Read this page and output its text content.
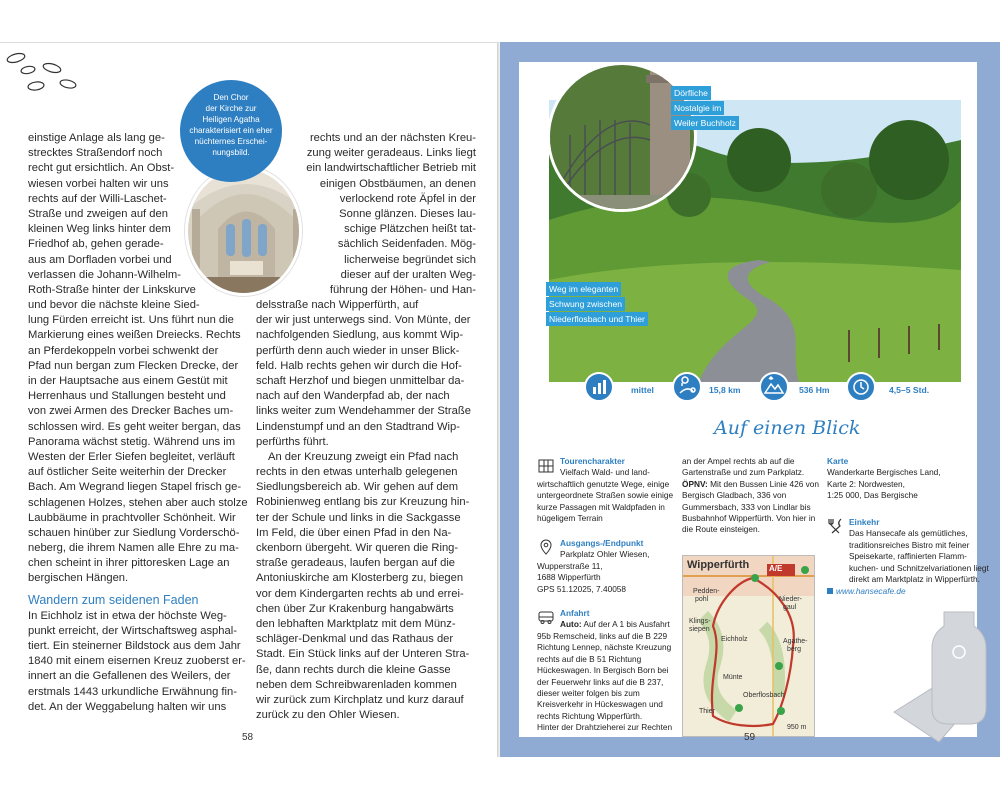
einstige Anlage als lang ge-
strecktes Straßendorf noch
recht gut ersichtlich. An Obst-
wiesen vorbei halten wir uns
rechts auf der Willi-Laschet-
Straße und zweigen auf den
kleinen Weg links hinter dem
Friedhof ab, gehen gerade-
aus am Dorfladen vorbei und
verlassen die Johann-Wilhelm-
Roth-Straße hinter der Linkskurve
und bevor die nächste kleine Sied-
lung Fürden erreicht ist. Uns führt nun die
Markierung eines weißen Dreiecks. Rechts
an Pferdekoppeln vorbei schwenkt der
Pfad nun bergan zum Flecken Drecke, der
in der Hauptsache aus einem Gestüt mit
Herrenhaus und Stallungen besteht und
von zwei Armen des Drecker Baches um-
schlossen wird. Es geht weiter bergan, das
Panorama wächst stetig. Während uns im
Westen der Erler Siefen begleitet, verläuft
auf östlicher Seite weiterhin der Drecker
Bach. Am Wegrand liegen Stapel frisch ge-
schlagenen Holzes, stehen aber auch stolze
Laubbäume in prachtvoller Schönheit. Wir
schauen hinüber zur Siedlung Vorderschö-
neberg, die ihrem Namen alle Ehre zu ma-
chen scheint in ihrer pittoresken Lage an
bergischen Hängen.
Wandern zum seidenen Faden
In Eichholz ist in etwa der höchste Weg-
punkt erreicht, der Wirtschaftsweg asphal-
tiert. Ein steinerner Bildstock aus dem Jahr
1840 mit einem eisernen Kreuz zuoberst er-
innert an die Gefallenen des Weilers, der
erstmals 1443 urkundliche Erwähnung fin-
det. An der Weggabelung halten wir uns
rechts und an der nächsten Kreu-
zung weiter geradeaus. Links liegt
ein landwirtschaftlicher Betrieb mit
einigen Obstbäumen, an denen
verlockend rote Äpfel in der
Sonne glänzen. Dieses lau-
schige Plätzchen heißt tat-
sächlich Seidenfaden. Mög-
licherweise begründet sich
dieser auf der uralten Weg-
führung der Höhen- und Han-
delsstraße nach Wipperfürth, auf
der wir just unterwegs sind. Von Münte, der
nachfolgenden Siedlung, aus kommt Wip-
perfürth denn auch wieder in unser Blick-
feld. Halb rechts gehen wir durch die Hof-
schaft Herzhof und biegen unmittelbar da-
nach auf den Wanderpfad ab, der nach
links weiter zum Wendehammer der Straße
Lindenstumpf und an den Stadtrand Wip-
perfürths führt.
An der Kreuzung zweigt ein Pfad nach
rechts in den etwas unterhalb gelegenen
Siedlungsbereich ab. Wir gehen auf dem
Robinienweg entlang bis zur Kreuzung hin-
ter der Schule und links in die Sackgasse
Im Feld, die über einen Pfad in den Na-
ckenborn übergeht. Wir queren die Ring-
straße geradeaus, laufen bergan auf die
Antoniuskirche am Klosterberg zu, biegen
vor dem Kindergarten rechts ab und errei-
chen über Zur Krakenburg hangabwärts
den lebhaften Marktplatz mit dem Münz-
schläger-Denkmal und das Rathaus der
Stadt. Ein Stück links auf der Unteren Stra-
ße, dann rechts durch die kleine Gasse
neben dem Schreibwarenladen kommen
wir zurück zum Kirchplatz und kurz darauf
zurück zu den Ohler Wiesen.
Den Chor
der Kirche zur
Heiligen Agatha
charakterisiert ein eher
nüchternes Erschei-
nungsbild.
58
Dörfliche
Nostalgie im
Weiler Buchholz
Weg im eleganten
Schwung zwischen
Niederflosbach und Thier
mittel	15,8 km	536 Hm	4,5–5 Std.
Auf einen Blick
Tourencharakter
Vielfach Wald- und land-
wirtschaftlich genutzte Wege, einige
untergeordnete Straßen sowie einige
kurze Passagen mit Waldpfaden in
hügeligem Terrain
Ausgangs-/Endpunkt
Parkplatz Ohler Wiesen,
Wupperstraße 11,
1688 Wipperfürth
GPS 51.12025, 7.40058
Anfahrt
Auto: Auf der A 1 bis Ausfahrt
95b Remscheid, links auf die B 229
Richtung Lennep, nächste Kreuzung
rechts auf die B 51 Richtung
Hückeswagen. In Bergisch Born bei
der Feuerwehr links auf die B 237,
dieser weiter folgen bis zum
Kreisverkehr in Hückeswagen und
rechts Richtung Wipperfürth.
Hinter der Drahtzieherei zur Rechten
an der Ampel rechts ab auf die
Gartenstraße und zum Parkplatz.
ÖPNV: Mit den Bussen Linie 426 von
Bergisch Gladbach, 336 von
Gummersbach, 333 von Lindlar bis
Busbahnhof Wipperfürth. Von hier in
die Route einsteigen.
Wipperfürth A/E
Pedden-
pohl
Klings-
siepen
Nieder-
gaul
Eichholz	Agathe-
berg
Münte
Thier
Oberflosbach
950 m
Karte
Wanderkarte Bergisches Land,
Karte 2: Nordwesten,
1:25 000, Das Bergische
Einkehr
Das Hansecafe als gemütliches,
traditionsreiches Bistro mit feiner
Speisekarte, raffinierten Flamm-
kuchen- und Schnitzelvariationen liegt
direkt am Marktplatz in Wipperfürth.
www.hansecafe.de
59
